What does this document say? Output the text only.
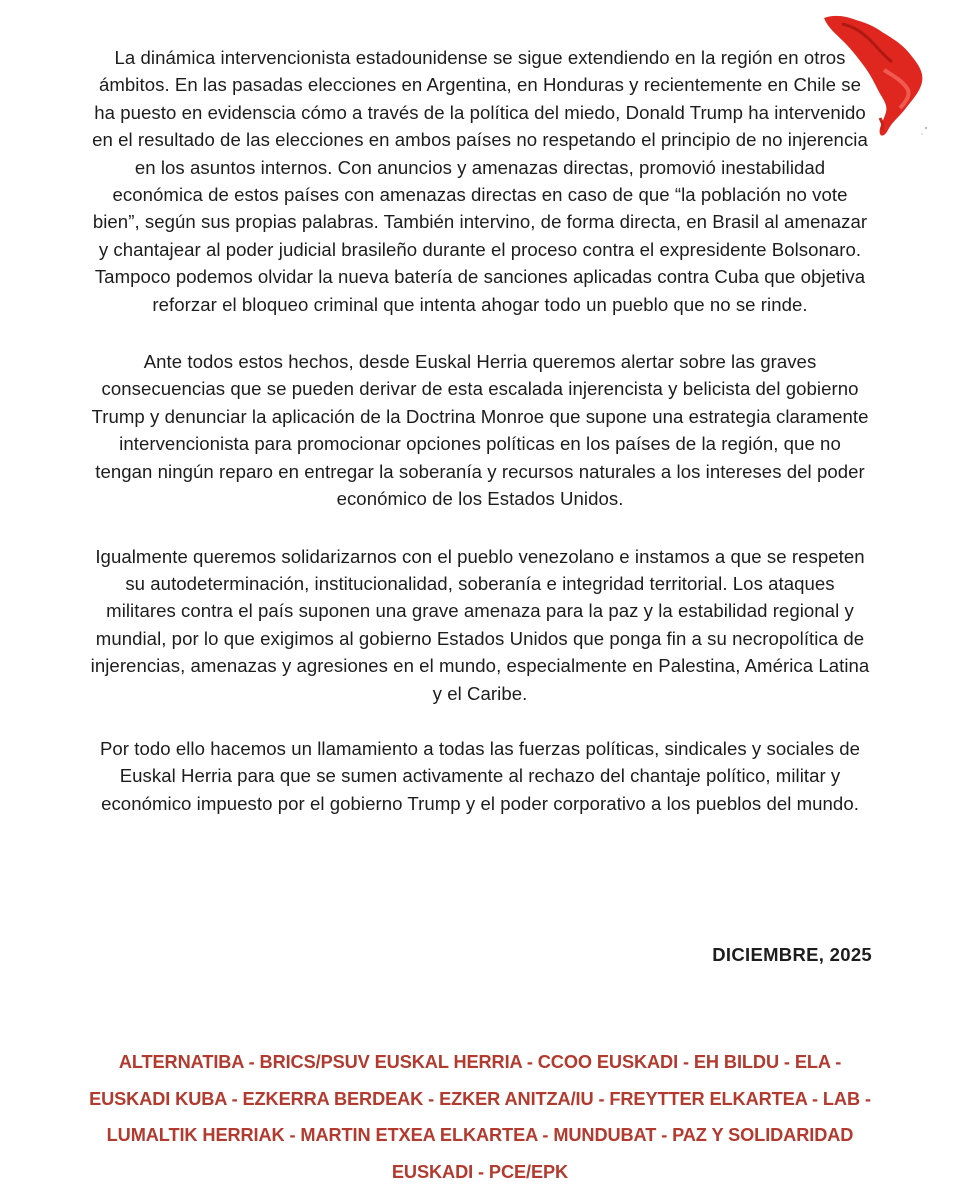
La dinámica intervencionista estadounidense se sigue extendiendo en la región en otros ámbitos. En las pasadas elecciones en Argentina, en Honduras y recientemente en Chile se ha puesto en evidenscia cómo a través de la política del miedo, Donald Trump ha intervenido en el resultado de las elecciones en ambos países no respetando el principio de no injerencia en los asuntos internos. Con anuncios y amenazas directas, promovió inestabilidad económica de estos países con amenazas directas en caso de que “la población no vote bien”, según sus propias palabras. También intervino, de forma directa, en Brasil al amenazar y chantajear al poder judicial brasileño durante el proceso contra el expresidente Bolsonaro. Tampoco podemos olvidar la nueva batería de sanciones aplicadas contra Cuba que objetiva reforzar el bloqueo criminal que intenta ahogar todo un pueblo que no se rinde.

Ante todos estos hechos, desde Euskal Herria queremos alertar sobre las graves consecuencias que se pueden derivar de esta escalada injerencista y belicista del gobierno Trump y denunciar la aplicación de la Doctrina Monroe que supone una estrategia claramente intervencionista para promocionar opciones políticas en los países de la región, que no tengan ningún reparo en entregar la soberanía y recursos naturales a los intereses del poder económico de los Estados Unidos.

Igualmente queremos solidarizarnos con el pueblo venezolano e instamos a que se respeten su autodeterminación, institucionalidad, soberanía e integridad territorial. Los ataques militares contra el país suponen una grave amenaza para la paz y la estabilidad regional y mundial, por lo que exigimos al gobierno Estados Unidos que ponga fin a su necropolítica de injerencias, amenazas y agresiones en el mundo, especialmente en Palestina, América Latina y el Caribe.

Por todo ello hacemos un llamamiento a todas las fuerzas políticas, sindicales y sociales de Euskal Herria para que se sumen activamente al rechazo del chantaje político, militar y económico impuesto por el gobierno Trump y el poder corporativo a los pueblos del mundo.

DICIEMBRE, 2025
ALTERNATIBA - BRICS/PSUV EUSKAL HERRIA - CCOO EUSKADI - EH BILDU - ELA - EUSKADI KUBA - EZKERRA BERDEAK - EZKER ANITZA/IU - FREYTTER ELKARTEA - LAB - LUMALTIK HERRIAK - MARTIN ETXEA ELKARTEA - MUNDUBAT - PAZ Y SOLIDARIDAD EUSKADI - PCE/EPK
